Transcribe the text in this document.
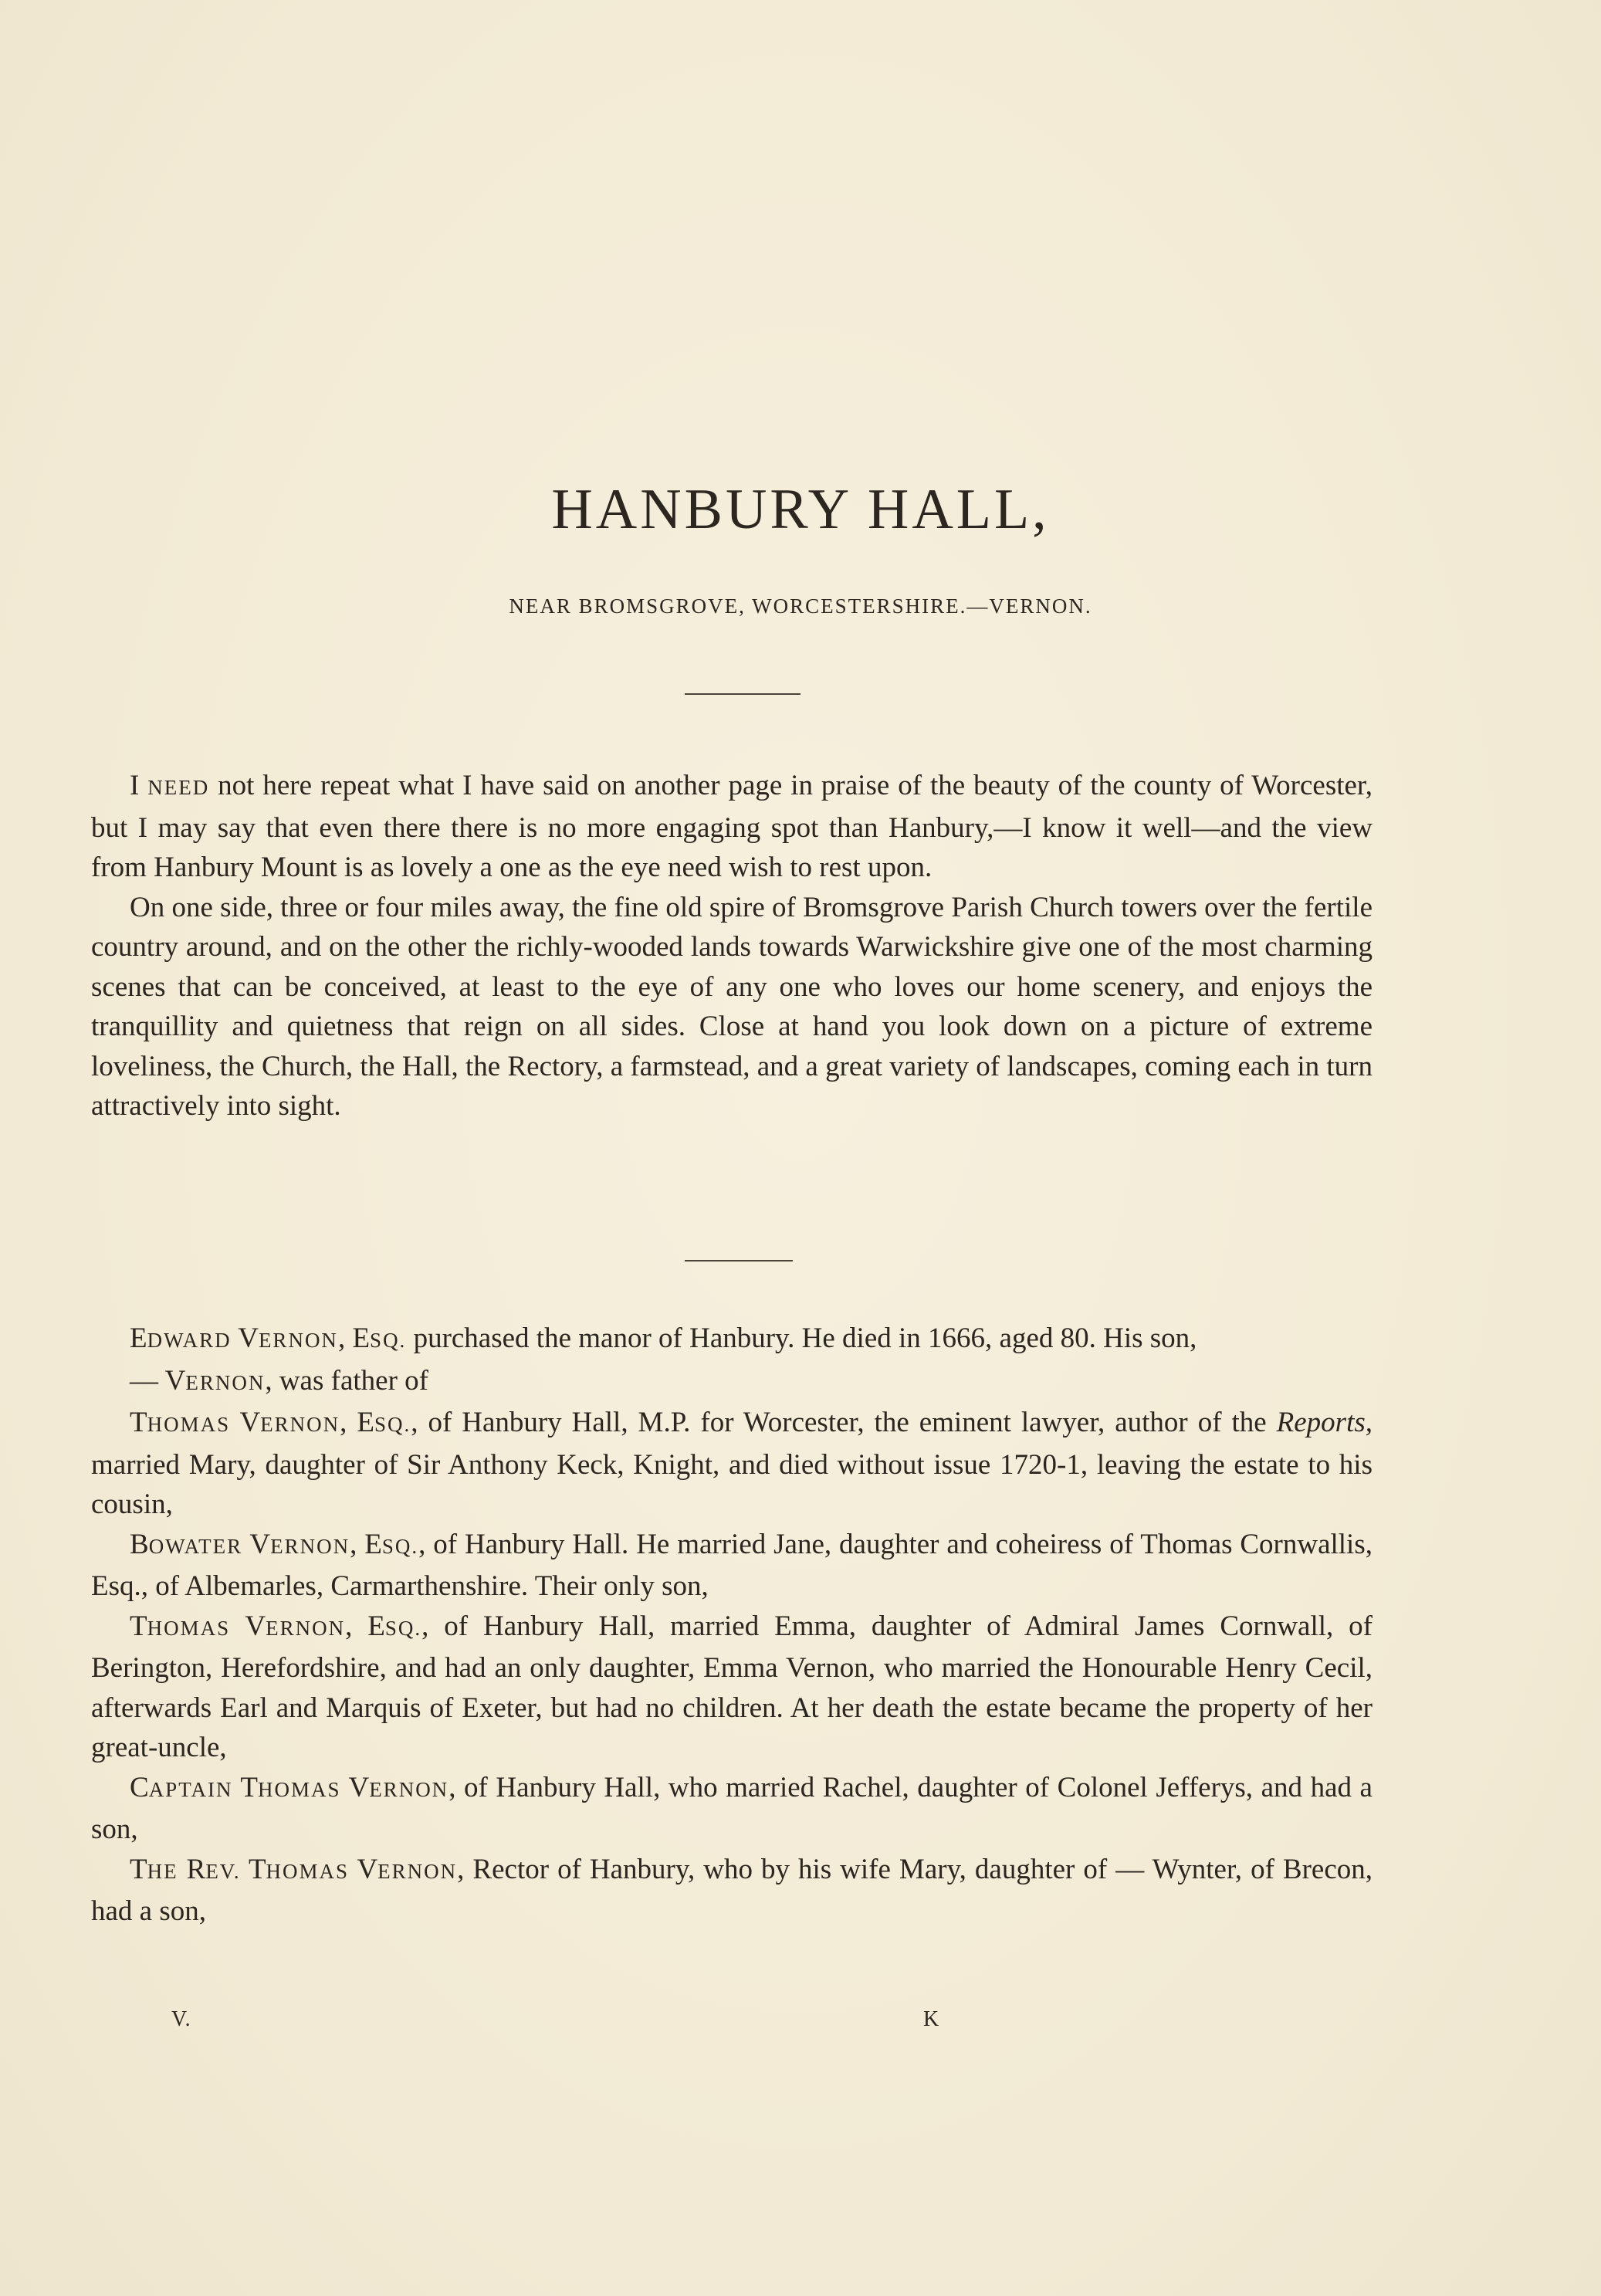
HANBURY HALL,

NEAR BROMSGROVE, WORCESTERSHIRE.—VERNON.

I NEED not here repeat what I have said on another page in praise of the beauty of the county of Worcester, but I may say that even there there is no more engaging spot than Hanbury,—I know it well—and the view from Hanbury Mount is as lovely a one as the eye need wish to rest upon.

On one side, three or four miles away, the fine old spire of Bromsgrove Parish Church towers over the fertile country around, and on the other the richly-wooded lands towards Warwickshire give one of the most charming scenes that can be conceived, at least to the eye of any one who loves our home scenery, and enjoys the tranquillity and quietness that reign on all sides. Close at hand you look down on a picture of extreme loveliness, the Church, the Hall, the Rectory, a farmstead, and a great variety of landscapes, coming each in turn attractively into sight.

EDWARD VERNON, ESQ. purchased the manor of Hanbury. He died in 1666, aged 80. His son,

— VERNON, was father of

THOMAS VERNON, ESQ., of Hanbury Hall, M.P. for Worcester, the eminent lawyer, author of the Reports, married Mary, daughter of Sir Anthony Keck, Knight, and died without issue 1720-1, leaving the estate to his cousin,

BOWATER VERNON, ESQ., of Hanbury Hall. He married Jane, daughter and coheiress of Thomas Cornwallis, Esq., of Albemarles, Carmarthenshire. Their only son,

THOMAS VERNON, ESQ., of Hanbury Hall, married Emma, daughter of Admiral James Cornwall, of Berington, Herefordshire, and had an only daughter, Emma Vernon, who married the Honourable Henry Cecil, afterwards Earl and Marquis of Exeter, but had no children. At her death the estate became the property of her great-uncle,

CAPTAIN THOMAS VERNON, of Hanbury Hall, who married Rachel, daughter of Colonel Jefferys, and had a son,

THE REV. THOMAS VERNON, Rector of Hanbury, who by his wife Mary, daughter of — Wynter, of Brecon, had a son,

V.	K
